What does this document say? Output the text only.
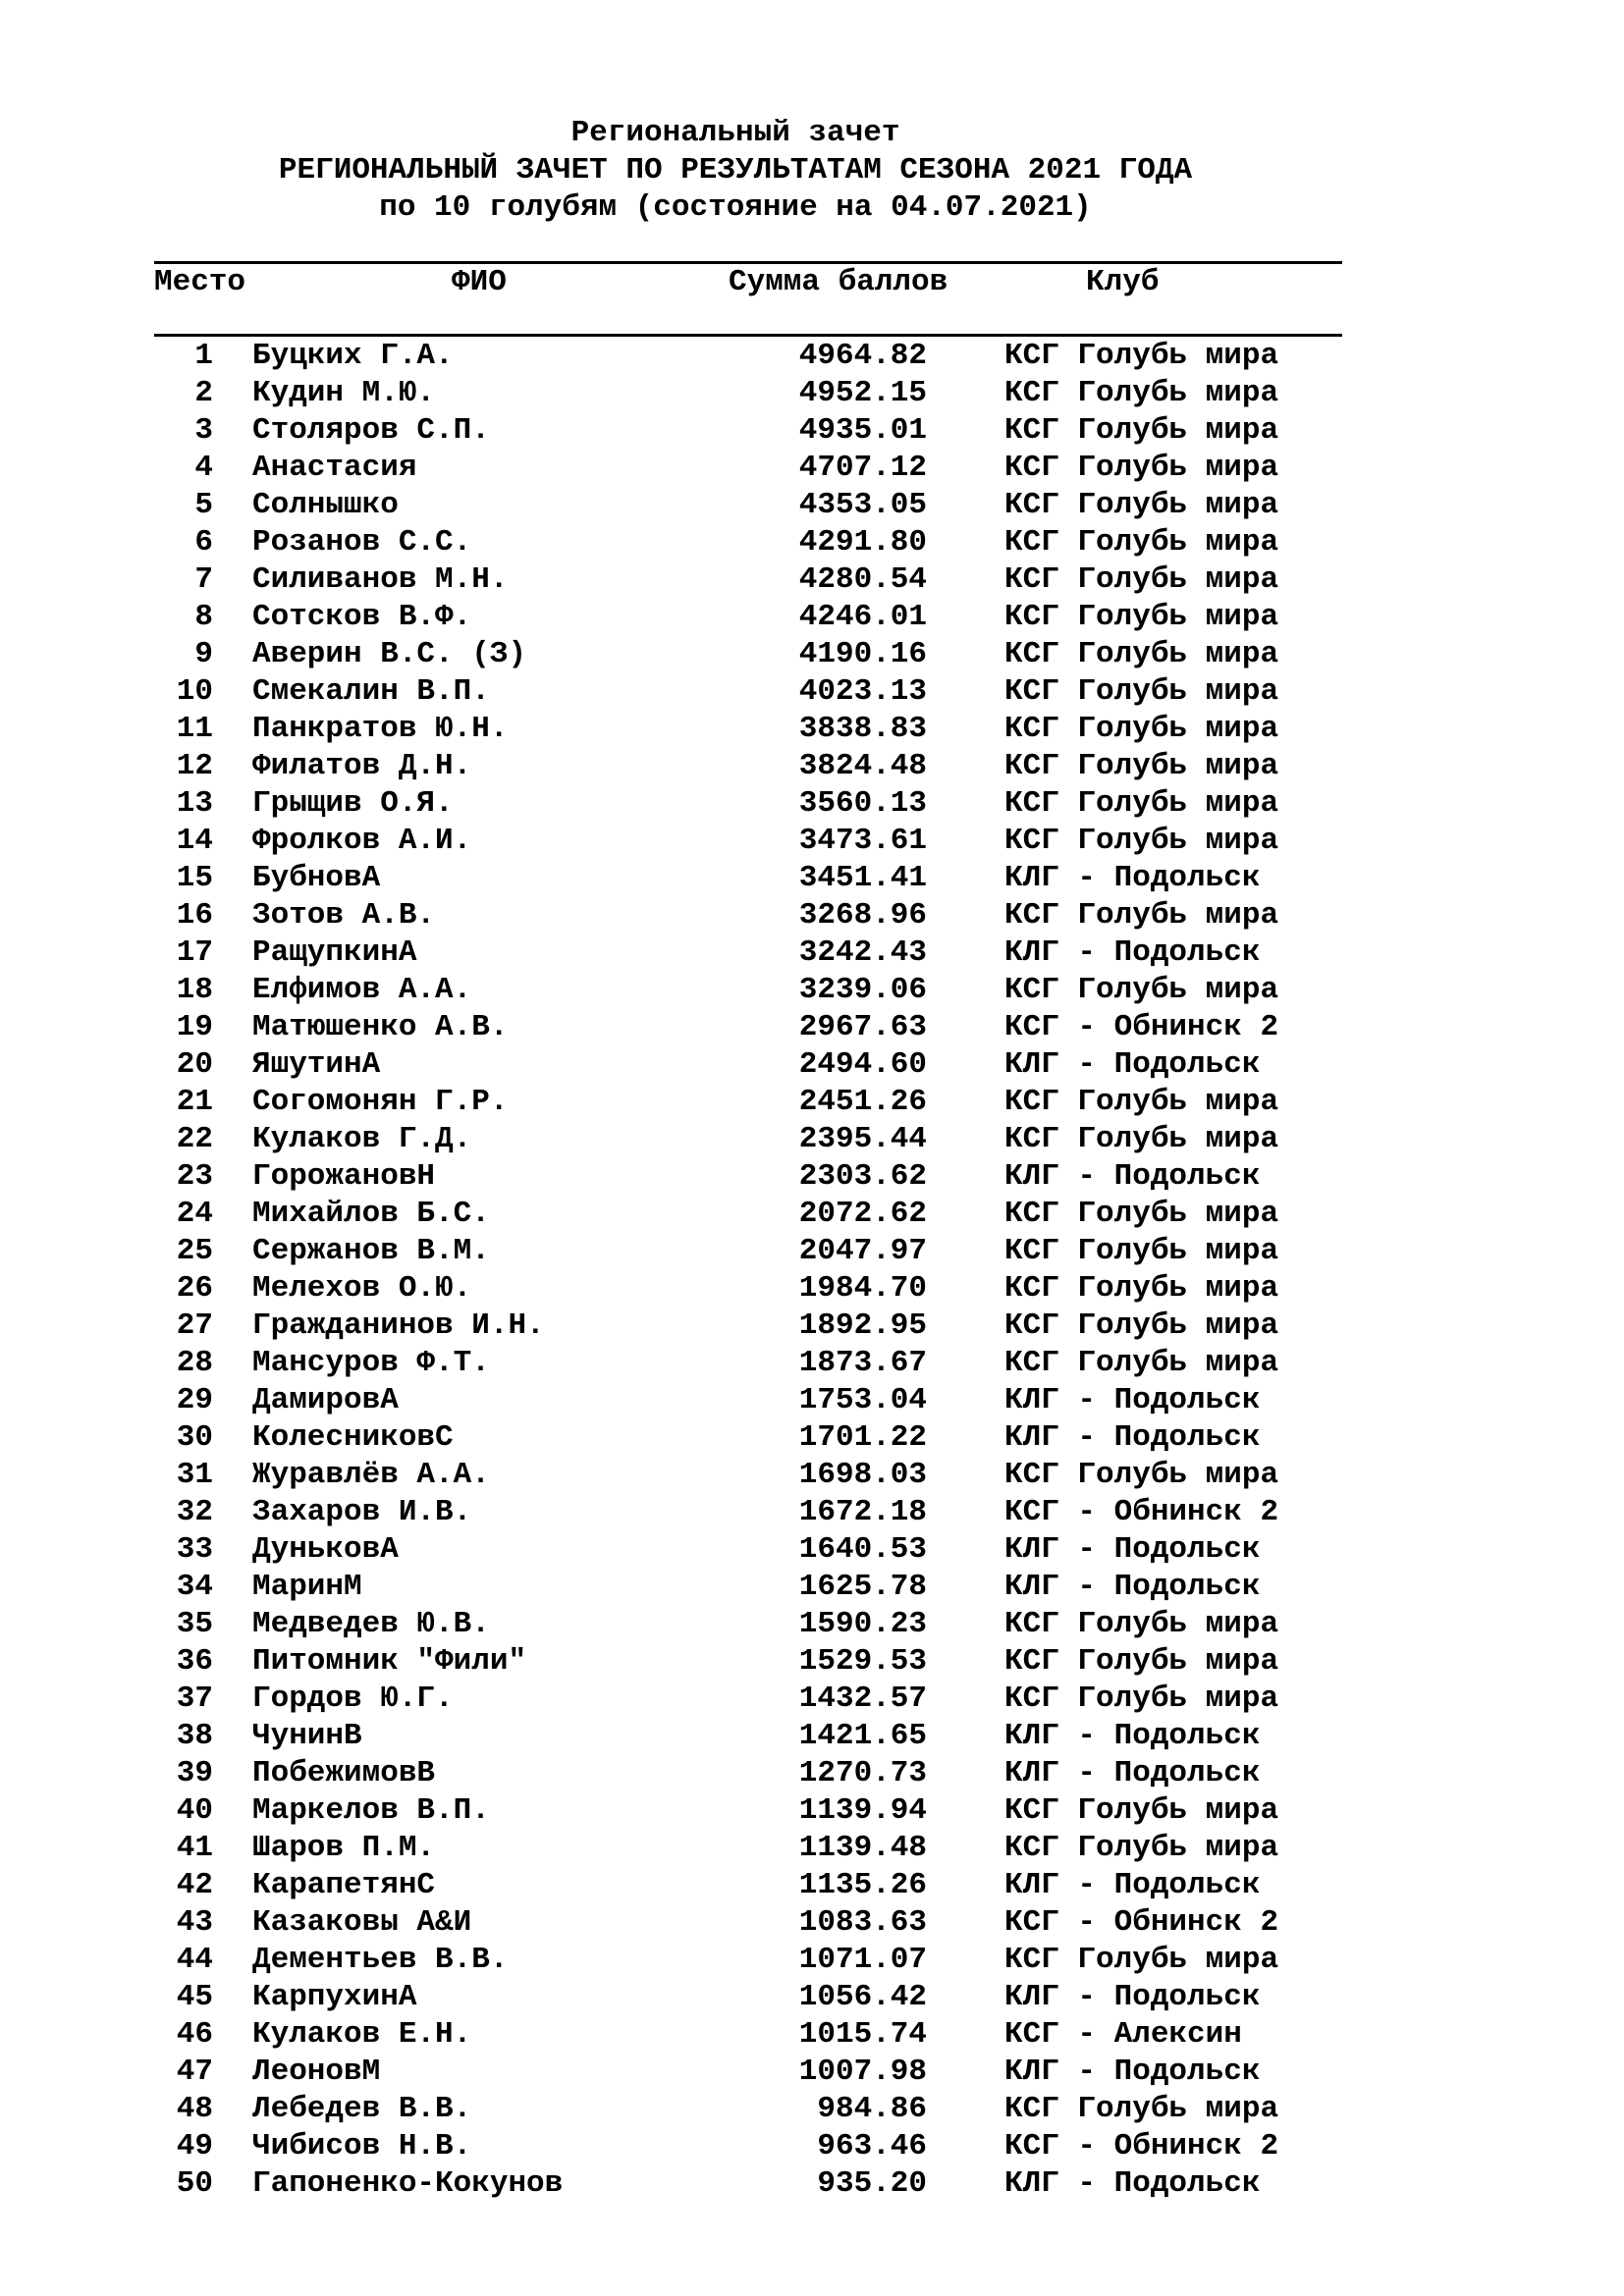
Региональный зачет
РЕГИОНАЛЬНЫЙ ЗАЧЕТ ПО РЕЗУЛЬТАТАМ СЕЗОНА 2021 ГОДА
по 10 голубям (состояние на 04.07.2021)
Место	ФИО	Сумма баллов	Клуб
1 Буцких Г.А.	4964.82	КСГ Голубь мира
2 Кудин М.Ю.	4952.15	КСГ Голубь мира
3 Столяров С.П.	4935.01	КСГ Голубь мира
4 Анастасия	4707.12	КСГ Голубь мира
5 Солнышко	4353.05	КСГ Голубь мира
6 Розанов С.С.	4291.80	КСГ Голубь мира
7 Силиванов М.Н.	4280.54	КСГ Голубь мира
8 Сотсков В.Ф.	4246.01	КСГ Голубь мира
9 Аверин В.С. (З)	4190.16	КСГ Голубь мира
10 Смекалин В.П.	4023.13	КСГ Голубь мира
11 Панкратов Ю.Н.	3838.83	КСГ Голубь мира
12 Филатов Д.Н.	3824.48	КСГ Голубь мира
13 Грыщив О.Я.	3560.13	КСГ Голубь мира
14 Фролков А.И.	3473.61	КСГ Голубь мира
15 БубновА	3451.41	КЛГ - Подольск
16 Зотов А.В.	3268.96	КСГ Голубь мира
17 РащупкинА	3242.43	КЛГ - Подольск
18 Елфимов А.А.	3239.06	КСГ Голубь мира
19 Матюшенко А.В.	2967.63	КСГ - Обнинск 2
20 ЯшутинА	2494.60	КЛГ - Подольск
21 Согомонян Г.Р.	2451.26	КСГ Голубь мира
22 Кулаков Г.Д.	2395.44	КСГ Голубь мира
23 ГорожановН	2303.62	КЛГ - Подольск
24 Михайлов Б.С.	2072.62	КСГ Голубь мира
25 Сержанов В.М.	2047.97	КСГ Голубь мира
26 Мелехов О.Ю.	1984.70	КСГ Голубь мира
27 Гражданинов И.Н.	1892.95	КСГ Голубь мира
28 Мансуров Ф.Т.	1873.67	КСГ Голубь мира
29 ДамировА	1753.04	КЛГ - Подольск
30 КолесниковС	1701.22	КЛГ - Подольск
31 Журавлёв А.А.	1698.03	КСГ Голубь мира
32 Захаров И.В.	1672.18	КСГ - Обнинск 2
33 ДуньковА	1640.53	КЛГ - Подольск
34 МаринМ	1625.78	КЛГ - Подольск
35 Медведев Ю.В.	1590.23	КСГ Голубь мира
36 Питомник "Фили"	1529.53	КСГ Голубь мира
37 Гордов Ю.Г.	1432.57	КСГ Голубь мира
38 ЧунинВ	1421.65	КЛГ - Подольск
39 ПобежимовВ	1270.73	КЛГ - Подольск
40 Маркелов В.П.	1139.94	КСГ Голубь мира
41 Шаров П.М.	1139.48	КСГ Голубь мира
42 КарапетянС	1135.26	КЛГ - Подольск
43 Казаковы А&И	1083.63	КСГ - Обнинск 2
44 Дементьев В.В.	1071.07	КСГ Голубь мира
45 КарпухинА	1056.42	КЛГ - Подольск
46 Кулаков Е.Н.	1015.74	КСГ - Алексин
47 ЛеоновМ	1007.98	КЛГ - Подольск
48 Лебедев В.В.	984.86	КСГ Голубь мира
49 Чибисов Н.В.	963.46	КСГ - Обнинск 2
50 Гапоненко-Кокунов	935.20	КЛГ - Подольск
